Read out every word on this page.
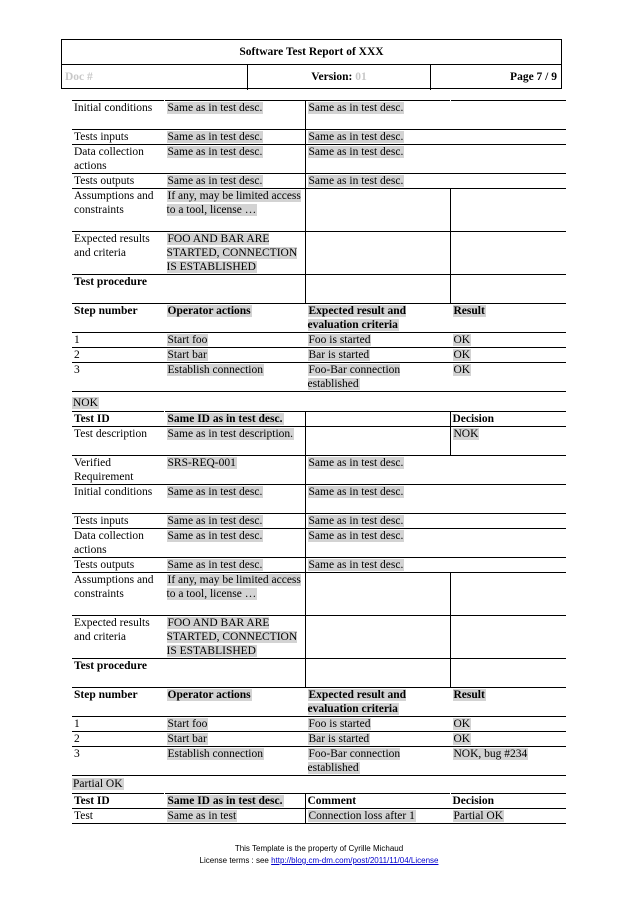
Software Test Report of XXX
Doc #	Version: 01	Page 7 / 9
Initial conditions	Same as in test desc.	Same as in test desc.	
Tests inputs	Same as in test desc.	Same as in test desc.	
Data collection actions	Same as in test desc.	Same as in test desc.	
Tests outputs	Same as in test desc.	Same as in test desc.	
Assumptions and constraints	If any, may be limited access to a tool, license …		
Expected results and criteria	FOO AND BAR ARE STARTED, CONNECTION IS ESTABLISHED		
Test procedure			
Step number	Operator actions	Expected result and evaluation criteria	Result
1	Start foo	Foo is started	OK
2	Start bar	Bar is started	OK
3	Establish connection	Foo-Bar connection established	OK
NOK
Test ID	Same ID as in test desc.		Decision
Test description	Same as in test description.		NOK
Verified Requirement	SRS-REQ-001	Same as in test desc.	
Initial conditions	Same as in test desc.	Same as in test desc.	
Tests inputs	Same as in test desc.	Same as in test desc.	
Data collection actions	Same as in test desc.	Same as in test desc.	
Tests outputs	Same as in test desc.	Same as in test desc.	
Assumptions and constraints	If any, may be limited access to a tool, license …		
Expected results and criteria	FOO AND BAR ARE STARTED, CONNECTION IS ESTABLISHED		
Test procedure			
Step number	Operator actions	Expected result and evaluation criteria	Result
1	Start foo	Foo is started	OK
2	Start bar	Bar is started	OK
3	Establish connection	Foo-Bar connection established	NOK, bug #234
Partial OK
Test ID	Same ID as in test desc.	Comment	Decision
Test	Same as in test	Connection loss after 1	Partial OK
This Template is the property of Cyrille Michaud
License terms : see http://blog.cm-dm.com/post/2011/11/04/License
